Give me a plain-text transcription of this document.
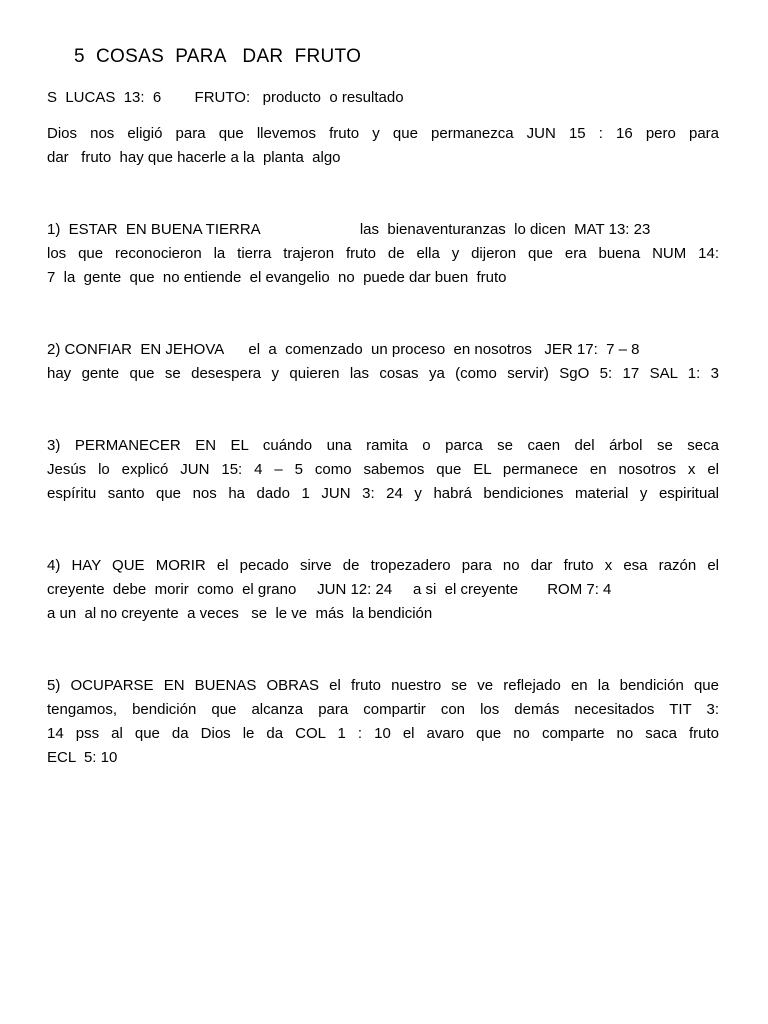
5  COSAS  PARA   DAR  FRUTO
S  LUCAS  13:  6        FRUTO:   producto  o resultado
Dios nos eligió para que llevemos fruto y que permanezca JUN 15 : 16 pero para
dar   fruto  hay que hacerle a la  planta  algo
1)  ESTAR  EN BUENA TIERRA                        las  bienaventuranzas  lo dicen  MAT 13: 23
los que reconocieron la tierra trajeron fruto de ella y dijeron que era buena NUM 14:
7  la  gente  que  no entiende  el evangelio  no  puede dar buen  fruto
2) CONFIAR  EN JEHOVA      el  a  comenzado  un proceso  en nosotros   JER 17:  7 – 8
hay gente que se desespera y quieren las cosas ya (como servir) SgO 5: 17 SAL 1: 3
3) PERMANECER EN EL cuándo una ramita o parca se caen del árbol se seca
Jesús lo explicó JUN 15: 4 – 5 como sabemos que EL permanece en nosotros x el
espíritu santo que nos ha dado 1 JUN 3: 24 y habrá bendiciones material y espiritual
4) HAY QUE MORIR el pecado sirve de tropezadero para no dar fruto x esa razón el
creyente  debe  morir  como  el grano     JUN 12: 24     a si  el creyente       ROM 7: 4
a un  al no creyente  a veces   se  le ve  más  la bendición
5) OCUPARSE EN BUENAS OBRAS el fruto nuestro se ve reflejado en la bendición que
tengamos, bendición que alcanza para compartir con los demás necesitados TIT 3:
14 pss al que da Dios le da COL 1 : 10 el avaro que no comparte no saca fruto
ECL  5: 10
